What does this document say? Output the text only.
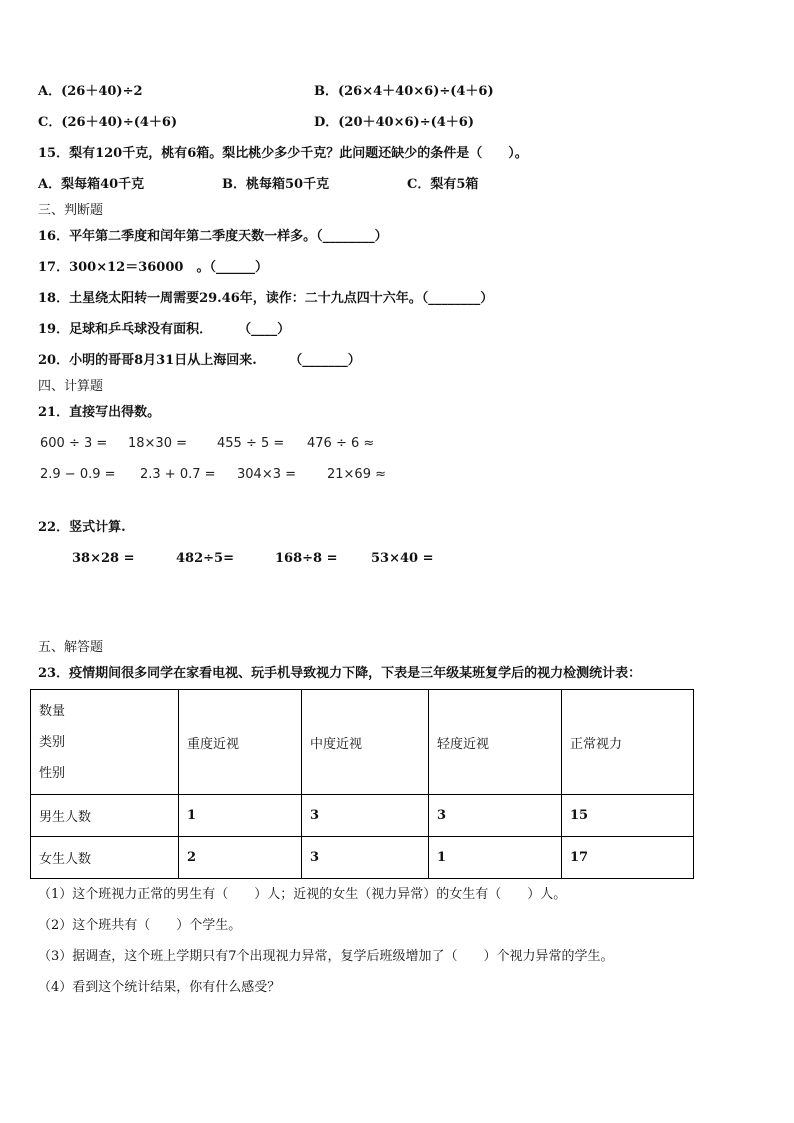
A．(26＋40)÷2	B．(26×4＋40×6)÷(4＋6)
C．(26＋40)÷(4＋6)	D．(20＋40×6)÷(4＋6)
15．梨有120千克，桃有6箱。梨比桃少多少千克？此问题还缺少的条件是（　　）。
A．梨每箱40千克	B．桃每箱50千克	C．梨有5箱
三、判断题
16．平年第二季度和闰年第二季度天数一样多。（________）
17．300×12＝36000　。（______）
18．土星绕太阳转一周需要29.46年，读作：二十九点四十六年。（________）
19．足球和乒乓球没有面积．　　　（____）
20．小明的哥哥8月31日从上海回来.　　　（_______）
四、计算题
21．直接写出得数。
600 ÷ 3 = 18×30 = 455 ÷ 5 = 476 ÷ 6 ≈
2.9 − 0.9 = 2.3 + 0.7 = 304×3 = 21×69 ≈
22．竖式计算.
38×28 =	482÷5=	168÷8 =	53×40 =
五、解答题
23．疫情期间很多同学在家看电视、玩手机导致视力下降，下表是三年级某班复学后的视力检测统计表：
数量
类别
性别	重度近视	中度近视	轻度近视	正常视力
男生人数	1	3	3	15
女生人数	2	3	1	17
（1）这个班视力正常的男生有（　　）人；近视的女生（视力异常）的女生有（　　）人。
（2）这个班共有（　　）个学生。
（3）据调查，这个班上学期只有7个出现视力异常，复学后班级增加了（　　）个视力异常的学生。
（4）看到这个统计结果，你有什么感受？
